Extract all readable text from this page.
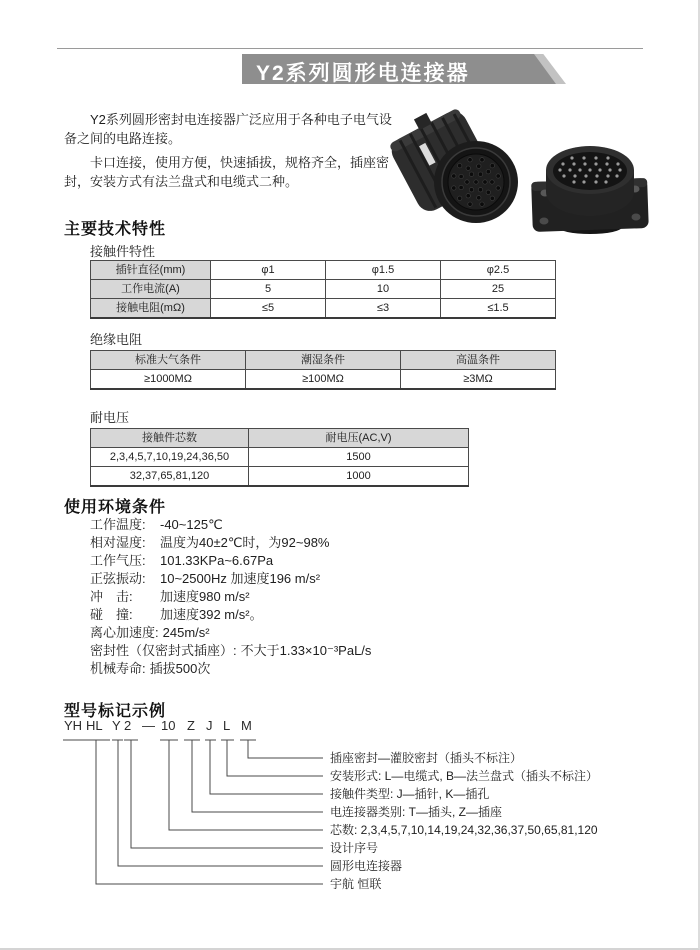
Y2系列圆形电连接器

Y2系列圆形密封电连接器广泛应用于各种电子电气设备之间的电路连接。

卡口连接，使用方便，快速插拔，规格齐全，插座密封，安装方式有法兰盘式和电缆式二种。

主要技术特性
接触件特性
插针直径(mm)	φ1	φ1.5	φ2.5
工作电流(A)	5	10	25
接触电阻(mΩ)	≤5	≤3	≤1.5
绝缘电阻
标准大气条件	潮湿条件	高温条件
≥1000MΩ	≥100MΩ	≥3MΩ
耐电压
接触件芯数	耐电压(AC,V)
2,3,4,5,7,10,19,24,36,50	1500
32,37,65,81,120	1000
使用环境条件
工作温度: -40~125℃
相对湿度: 温度为40±2℃时，为92~98%
工作气压: 101.33KPa~6.67Pa
正弦振动: 10~2500Hz 加速度196 m/s²
冲　击: 加速度980 m/s²
碰　撞: 加速度392 m/s²。
离心加速度: 245m/s²
密封性（仅密封式插座）: 不大于1.33×10⁻³PaL/s
机械寿命: 插拔500次
型号标记示例
YH HL Y 2 — 10 Z J L M
插座密封—灌胶密封（插头不标注）
安装形式: L—电缆式, B—法兰盘式（插头不标注）
接触件类型: J—插针, K—插孔
电连接器类别: T—插头, Z—插座
芯数: 2,3,4,5,7,10,14,19,24,32,36,37,50,65,81,120
设计序号
圆形电连接器
宇航 恒联
